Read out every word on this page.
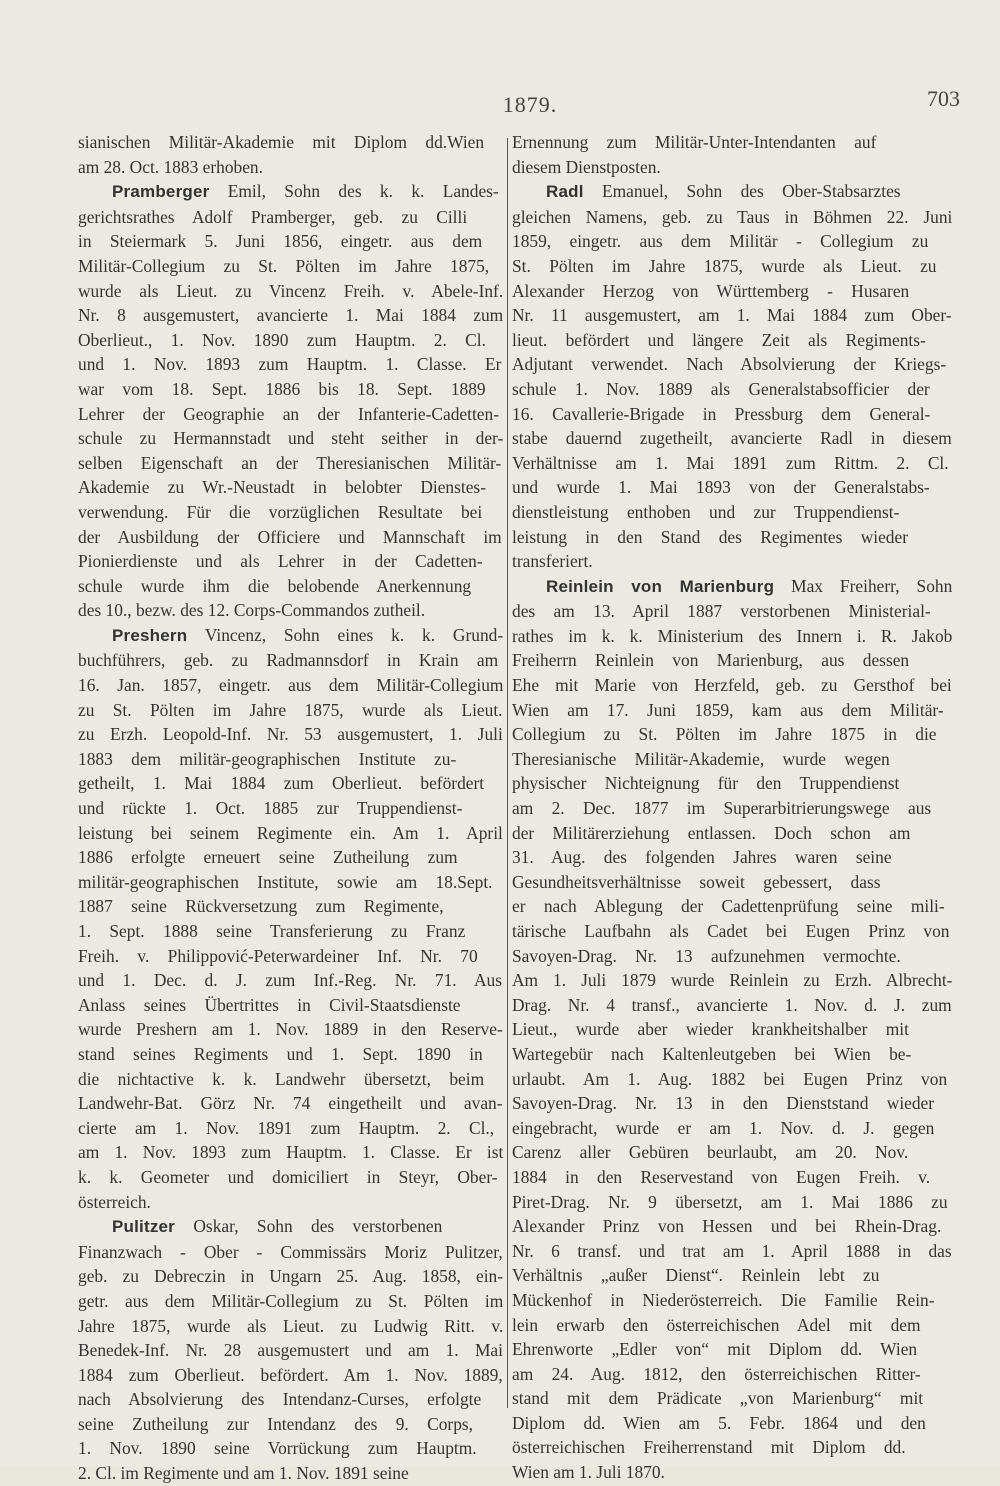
1879.	703
sianischen Militär-Akademie mit Diplom dd.Wien
am 28. Oct. 1883 erhoben.
Pramberger Emil, Sohn des k. k. Landes-
gerichtsrathes Adolf Pramberger, geb. zu Cilli
in Steiermark 5. Juni 1856, eingetr. aus dem
Militär-Collegium zu St. Pölten im Jahre 1875,
wurde als Lieut. zu Vincenz Freih. v. Abele-Inf.
Nr. 8 ausgemustert, avancierte 1. Mai 1884 zum
Oberlieut., 1. Nov. 1890 zum Hauptm. 2. Cl.
und 1. Nov. 1893 zum Hauptm. 1. Classe. Er
war vom 18. Sept. 1886 bis 18. Sept. 1889
Lehrer der Geographie an der Infanterie-Cadetten-
schule zu Hermannstadt und steht seither in der-
selben Eigenschaft an der Theresianischen Militär-
Akademie zu Wr.-Neustadt in belobter Dienstes-
verwendung. Für die vorzüglichen Resultate bei
der Ausbildung der Officiere und Mannschaft im
Pionierdienste und als Lehrer in der Cadetten-
schule wurde ihm die belobende Anerkennung
des 10., bezw. des 12. Corps-Commandos zutheil.
Preshern Vincenz, Sohn eines k. k. Grund-
buchführers, geb. zu Radmannsdorf in Krain am
16. Jan. 1857, eingetr. aus dem Militär-Collegium
zu St. Pölten im Jahre 1875, wurde als Lieut.
zu Erzh. Leopold-Inf. Nr. 53 ausgemustert, 1. Juli
1883 dem militär-geographischen Institute zu-
getheilt, 1. Mai 1884 zum Oberlieut. befördert
und rückte 1. Oct. 1885 zur Truppendienst-
leistung bei seinem Regimente ein. Am 1. April
1886 erfolgte erneuert seine Zutheilung zum
militär-geographischen Institute, sowie am 18.Sept.
1887 seine Rückversetzung zum Regimente,
1. Sept. 1888 seine Transferierung zu Franz
Freih. v. Philippović-Peterwardeiner Inf. Nr. 70
und 1. Dec. d. J. zum Inf.-Reg. Nr. 71. Aus
Anlass seines Übertrittes in Civil-Staatsdienste
wurde Preshern am 1. Nov. 1889 in den Reserve-
stand seines Regiments und 1. Sept. 1890 in
die nichtactive k. k. Landwehr übersetzt, beim
Landwehr-Bat. Görz Nr. 74 eingetheilt und avan-
cierte am 1. Nov. 1891 zum Hauptm. 2. Cl.,
am 1. Nov. 1893 zum Hauptm. 1. Classe. Er ist
k. k. Geometer und domiciliert in Steyr, Ober-
österreich.
Pulitzer Oskar, Sohn des verstorbenen
Finanzwach - Ober - Commissärs Moriz Pulitzer,
geb. zu Debreczin in Ungarn 25. Aug. 1858, ein-
getr. aus dem Militär-Collegium zu St. Pölten im
Jahre 1875, wurde als Lieut. zu Ludwig Ritt. v.
Benedek-Inf. Nr. 28 ausgemustert und am 1. Mai
1884 zum Oberlieut. befördert. Am 1. Nov. 1889,
nach Absolvierung des Intendanz-Curses, erfolgte
seine Zutheilung zur Intendanz des 9. Corps,
1. Nov. 1890 seine Vorrückung zum Hauptm.
2. Cl. im Regimente und am 1. Nov. 1891 seine
Ernennung zum Militär-Unter-Intendanten auf
diesem Dienstposten.
Radl Emanuel, Sohn des Ober-Stabsarztes
gleichen Namens, geb. zu Taus in Böhmen 22. Juni
1859, eingetr. aus dem Militär - Collegium zu
St. Pölten im Jahre 1875, wurde als Lieut. zu
Alexander Herzog von Württemberg - Husaren
Nr. 11 ausgemustert, am 1. Mai 1884 zum Ober-
lieut. befördert und längere Zeit als Regiments-
Adjutant verwendet. Nach Absolvierung der Kriegs-
schule 1. Nov. 1889 als Generalstabsofficier der
16. Cavallerie-Brigade in Pressburg dem General-
stabe dauernd zugetheilt, avancierte Radl in diesem
Verhältnisse am 1. Mai 1891 zum Rittm. 2. Cl.
und wurde 1. Mai 1893 von der Generalstabs-
dienstleistung enthoben und zur Truppendienst-
leistung in den Stand des Regimentes wieder
transferiert.
Reinlein von Marienburg Max Freiherr, Sohn
des am 13. April 1887 verstorbenen Ministerial-
rathes im k. k. Ministerium des Innern i. R. Jakob
Freiherrn Reinlein von Marienburg, aus dessen
Ehe mit Marie von Herzfeld, geb. zu Gersthof bei
Wien am 17. Juni 1859, kam aus dem Militär-
Collegium zu St. Pölten im Jahre 1875 in die
Theresianische Militär-Akademie, wurde wegen
physischer Nichteignung für den Truppendienst
am 2. Dec. 1877 im Superarbitrierungswege aus
der Militärerziehung entlassen. Doch schon am
31. Aug. des folgenden Jahres waren seine
Gesundheitsverhältnisse soweit gebessert, dass
er nach Ablegung der Cadettenprüfung seine mili-
tärische Laufbahn als Cadet bei Eugen Prinz von
Savoyen-Drag. Nr. 13 aufzunehmen vermochte.
Am 1. Juli 1879 wurde Reinlein zu Erzh. Albrecht-
Drag. Nr. 4 transf., avancierte 1. Nov. d. J. zum
Lieut., wurde aber wieder krankheitshalber mit
Wartegebür nach Kaltenleutgeben bei Wien be-
urlaubt. Am 1. Aug. 1882 bei Eugen Prinz von
Savoyen-Drag. Nr. 13 in den Dienststand wieder
eingebracht, wurde er am 1. Nov. d. J. gegen
Carenz aller Gebüren beurlaubt, am 20. Nov.
1884 in den Reservestand von Eugen Freih. v.
Piret-Drag. Nr. 9 übersetzt, am 1. Mai 1886 zu
Alexander Prinz von Hessen und bei Rhein-Drag.
Nr. 6 transf. und trat am 1. April 1888 in das
Verhältnis „außer Dienst“. Reinlein lebt zu
Mückenhof in Niederösterreich. Die Familie Rein-
lein erwarb den österreichischen Adel mit dem
Ehrenworte „Edler von“ mit Diplom dd. Wien
am 24. Aug. 1812, den österreichischen Ritter-
stand mit dem Prädicate „von Marienburg“ mit
Diplom dd. Wien am 5. Febr. 1864 und den
österreichischen Freiherrenstand mit Diplom dd.
Wien am 1. Juli 1870.
